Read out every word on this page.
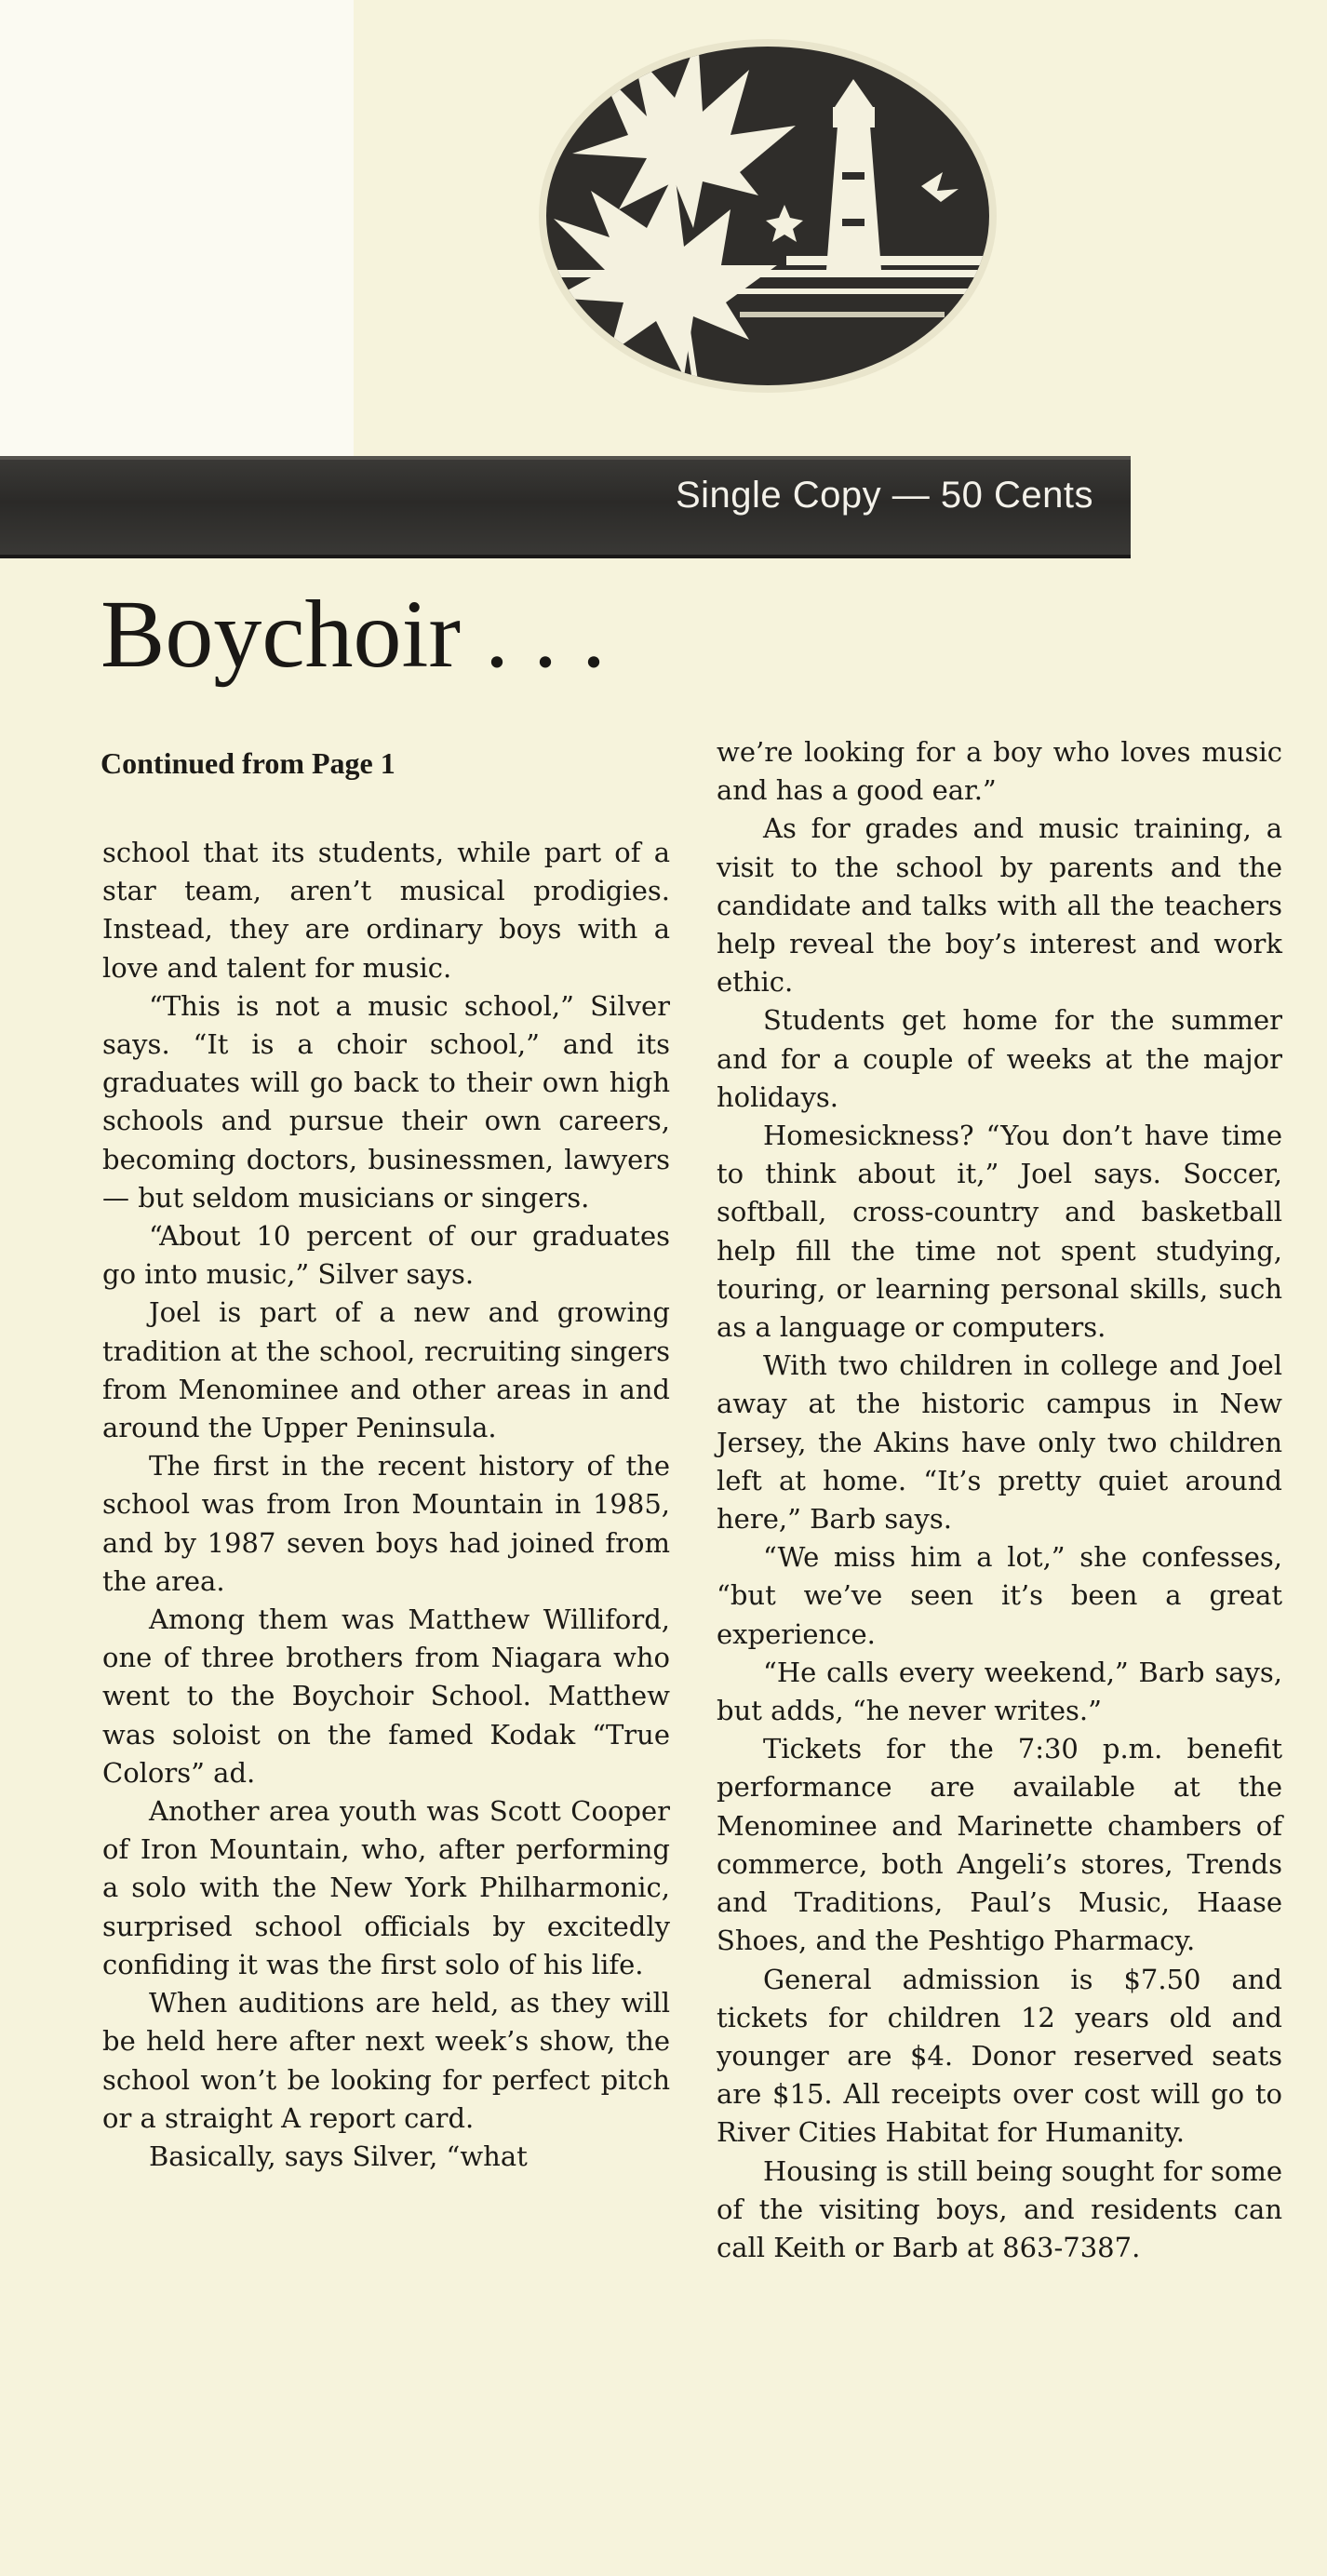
Single Copy — 50 Cents
Boychoir . . .
Continued from Page 1

school that its students, while part of a star team, aren’t musical prodigies. Instead, they are ordinary boys with a love and talent for music.

“This is not a music school,” Silver says. “It is a choir school,” and its graduates will go back to their own high schools and pursue their own careers, becoming doctors, businessmen, lawyers — but seldom musicians or singers.

“About 10 percent of our graduates go into music,” Silver says.

Joel is part of a new and growing tradition at the school, recruiting singers from Menominee and other areas in and around the Upper Peninsula.

The first in the recent history of the school was from Iron Mountain in 1985, and by 1987 seven boys had joined from the area.

Among them was Matthew Williford, one of three brothers from Niagara who went to the Boychoir School. Matthew was soloist on the famed Kodak “True Colors” ad.

Another area youth was Scott Cooper of Iron Mountain, who, after performing a solo with the New York Philharmonic, surprised school officials by excitedly confiding it was the first solo of his life.

When auditions are held, as they will be held here after next week’s show, the school won’t be looking for perfect pitch or a straight A report card.

Basically, says Silver, “what

we’re looking for a boy who loves music and has a good ear.”

As for grades and music training, a visit to the school by parents and the candidate and talks with all the teachers help reveal the boy’s interest and work ethic.

Students get home for the summer and for a couple of weeks at the major holidays.

Homesickness? “You don’t have time to think about it,” Joel says. Soccer, softball, cross-country and basketball help fill the time not spent studying, touring, or learning personal skills, such as a language or computers.

With two children in college and Joel away at the historic campus in New Jersey, the Akins have only two children left at home. “It’s pretty quiet around here,” Barb says.

“We miss him a lot,” she confesses, “but we’ve seen it’s been a great experience.

“He calls every weekend,” Barb says, but adds, “he never writes.”

Tickets for the 7:30 p.m. benefit performance are available at the Menominee and Marinette chambers of commerce, both Angeli’s stores, Trends and Traditions, Paul’s Music, Haase Shoes, and the Peshtigo Pharmacy.

General admission is $7.50 and tickets for children 12 years old and younger are $4. Donor reserved seats are $15. All receipts over cost will go to River Cities Habitat for Humanity.

Housing is still being sought for some of the visiting boys, and residents can call Keith or Barb at 863-7387.
